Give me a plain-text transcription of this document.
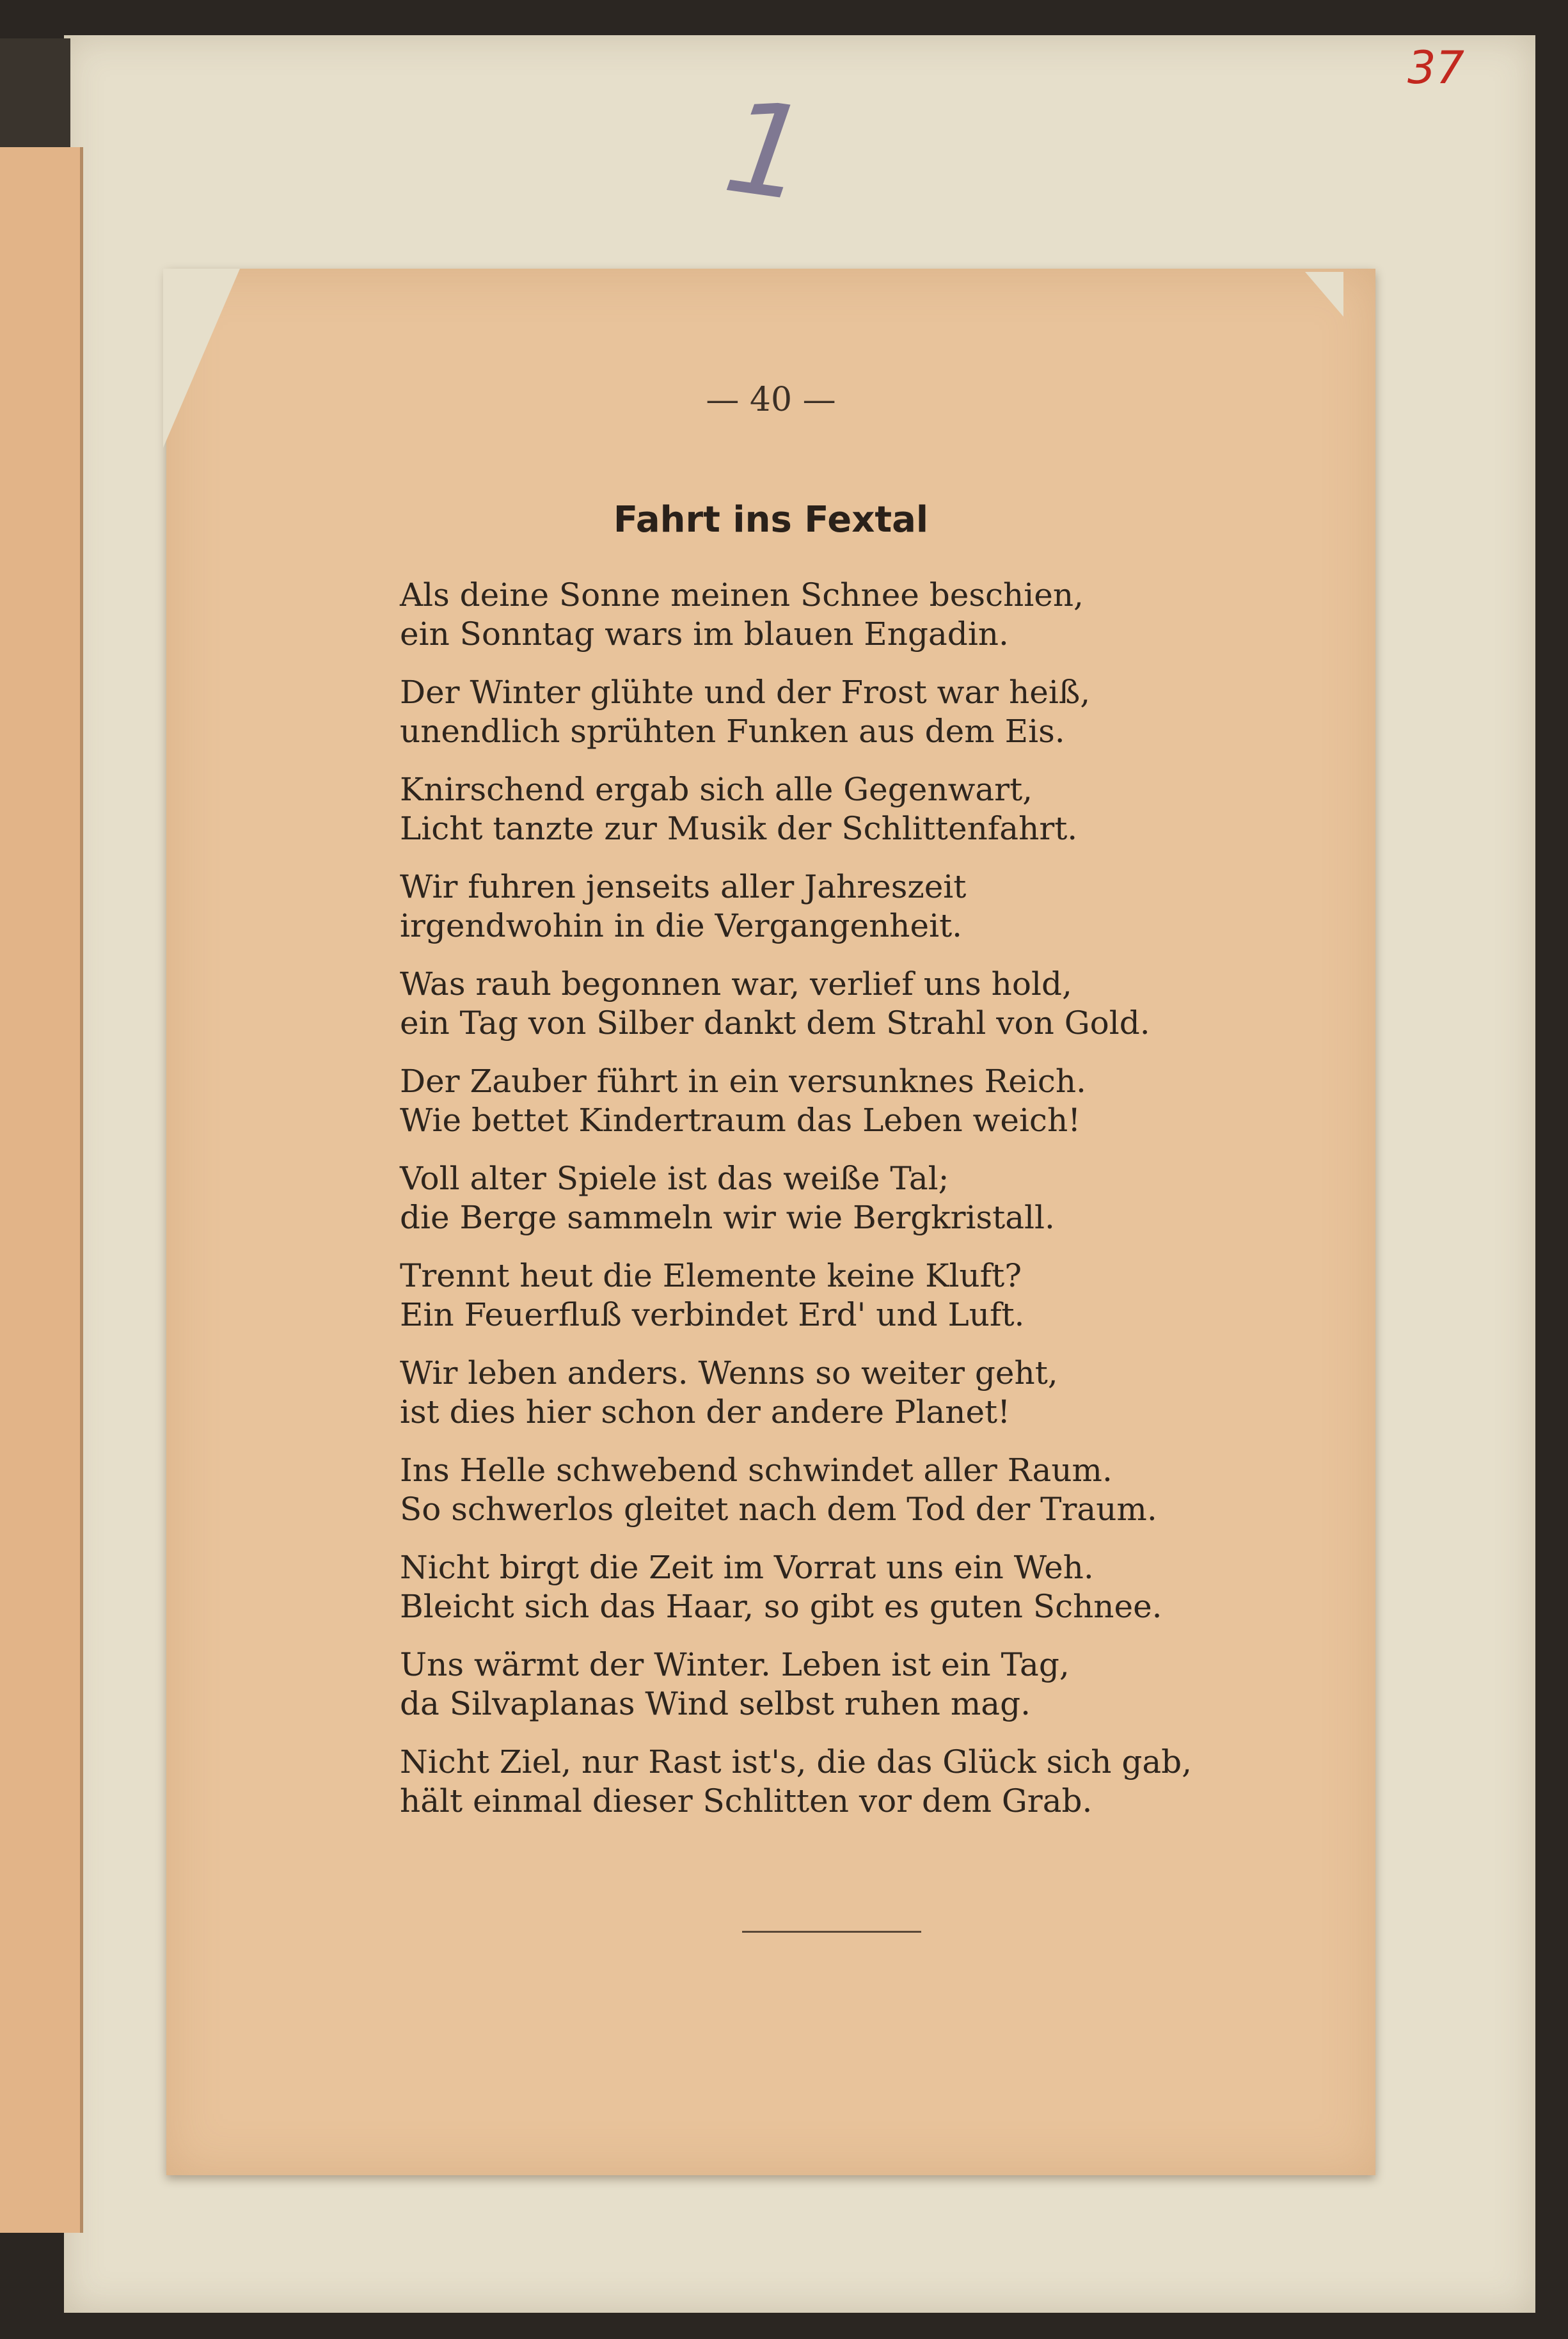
37
1
— 40 —
Fahrt ins Fextal
Als deine Sonne meinen Schnee beschien,
ein Sonntag wars im blauen Engadin.
Der Winter glühte und der Frost war heiß,
unendlich sprühten Funken aus dem Eis.
Knirschend ergab sich alle Gegenwart,
Licht tanzte zur Musik der Schlittenfahrt.
Wir fuhren jenseits aller Jahreszeit
irgendwohin in die Vergangenheit.
Was rauh begonnen war, verlief uns hold,
ein Tag von Silber dankt dem Strahl von Gold.
Der Zauber führt in ein versunknes Reich.
Wie bettet Kindertraum das Leben weich!
Voll alter Spiele ist das weiße Tal;
die Berge sammeln wir wie Bergkristall.
Trennt heut die Elemente keine Kluft?
Ein Feuerfluß verbindet Erd' und Luft.
Wir leben anders. Wenns so weiter geht,
ist dies hier schon der andere Planet!
Ins Helle schwebend schwindet aller Raum.
So schwerlos gleitet nach dem Tod der Traum.
Nicht birgt die Zeit im Vorrat uns ein Weh.
Bleicht sich das Haar, so gibt es guten Schnee.
Uns wärmt der Winter. Leben ist ein Tag,
da Silvaplanas Wind selbst ruhen mag.
Nicht Ziel, nur Rast ist's, die das Glück sich gab,
hält einmal dieser Schlitten vor dem Grab.
